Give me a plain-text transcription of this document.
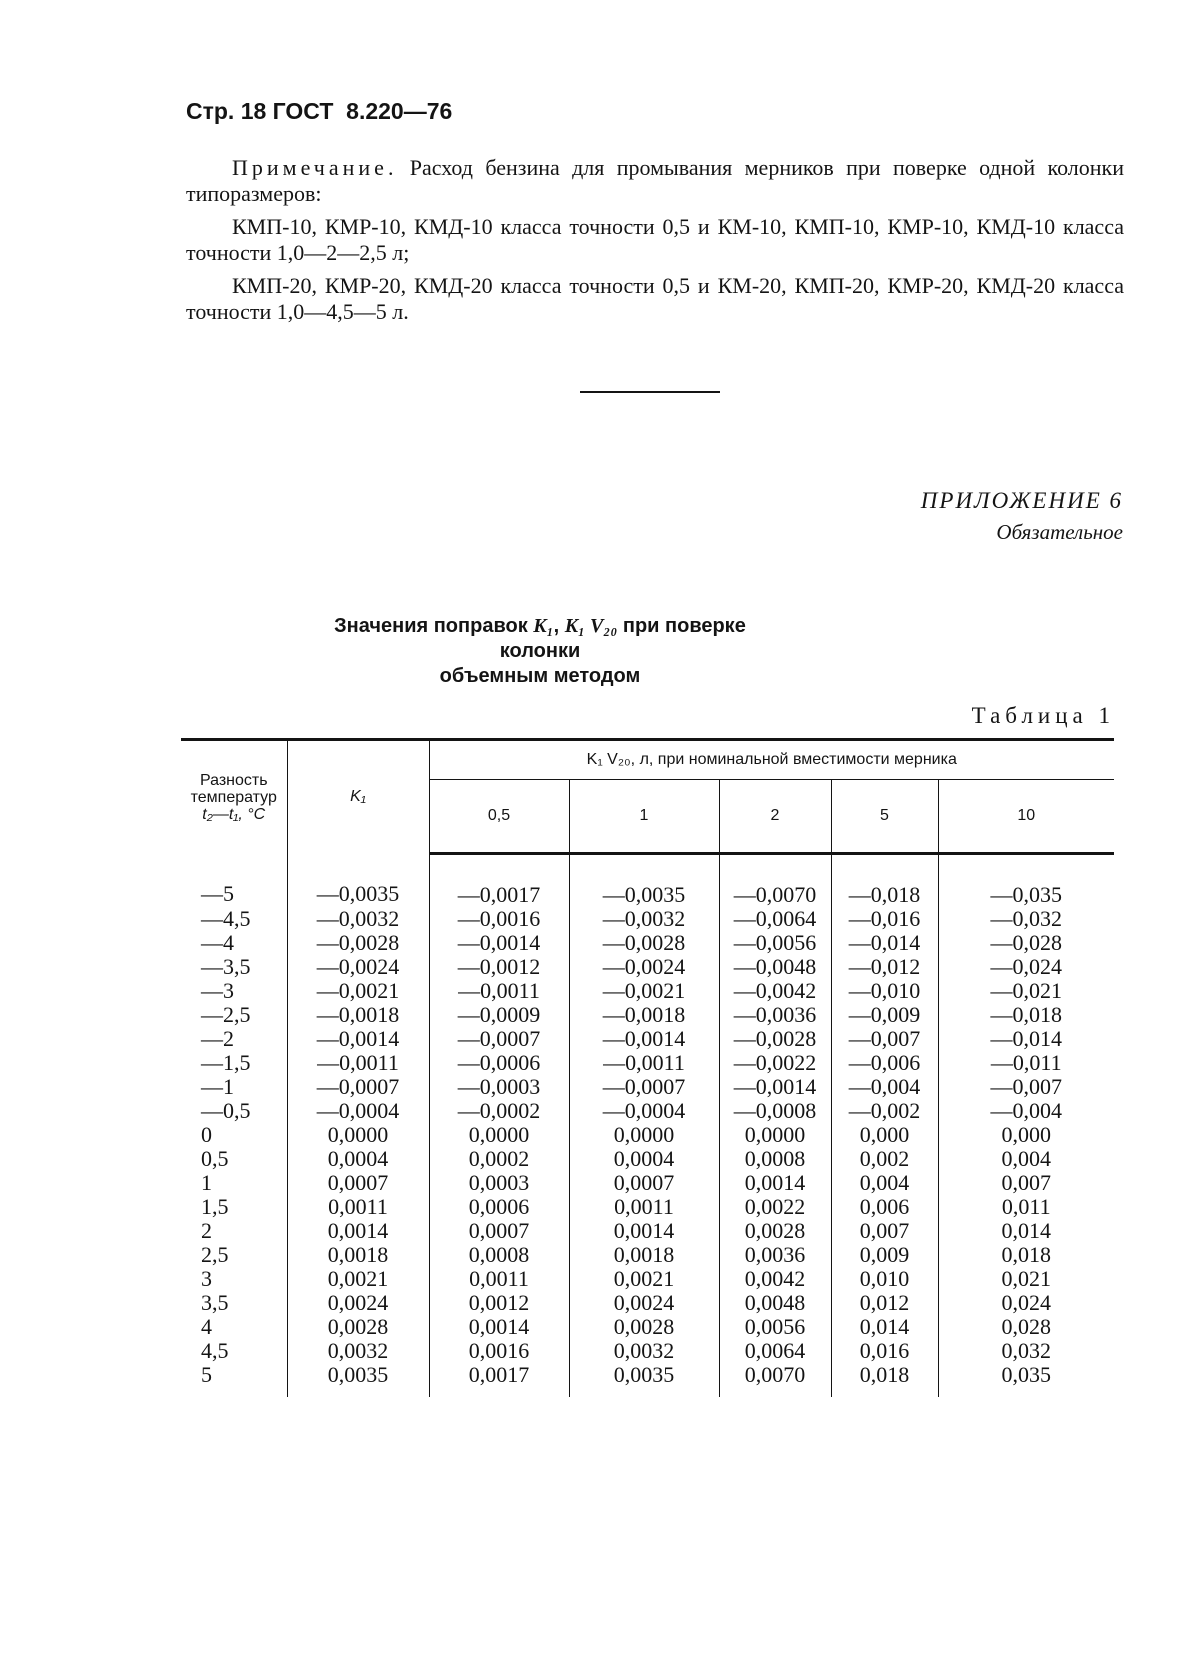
Стр. 18 ГОСТ  8.220—76

Примечание. Расход бензина для промывания мерников при поверке одной колонки типоразмеров:

КМП-10, КМР-10, КМД-10 класса точности 0,5 и КМ-10, КМП-10, КМР-10, КМД-10 класса точности 1,0—2—2,5 л;

КМП-20, КМР-20, КМД-20 класса точности 0,5 и КМ-20, КМП-20, КМР-20, КМД-20 класса точности 1,0—4,5—5 л.

ПРИЛОЖЕНИЕ 6
Обязательное
Значения поправок K₁, K₁ V₂₀ при поверке колонки
объемным методом
Таблица 1
Разность
температур
t₂—t₁, °С	K₁	K₁ V₂₀, л, при номинальной вместимости мерника				
		0,5	1	2	5	10
—5	—0,0035	—0,0017	—0,0035	—0,0070	—0,018	—0,035
—4,5	—0,0032	—0,0016	—0,0032	—0,0064	—0,016	—0,032
—4	—0,0028	—0,0014	—0,0028	—0,0056	—0,014	—0,028
—3,5	—0,0024	—0,0012	—0,0024	—0,0048	—0,012	—0,024
—3	—0,0021	—0,0011	—0,0021	—0,0042	—0,010	—0,021
—2,5	—0,0018	—0,0009	—0,0018	—0,0036	—0,009	—0,018
—2	—0,0014	—0,0007	—0,0014	—0,0028	—0,007	—0,014
—1,5	—0,0011	—0,0006	—0,0011	—0,0022	—0,006	—0,011
—1	—0,0007	—0,0003	—0,0007	—0,0014	—0,004	—0,007
—0,5	—0,0004	—0,0002	—0,0004	—0,0008	—0,002	—0,004
0	0,0000	0,0000	0,0000	0,0000	0,000	0,000
0,5	0,0004	0,0002	0,0004	0,0008	0,002	0,004
1	0,0007	0,0003	0,0007	0,0014	0,004	0,007
1,5	0,0011	0,0006	0,0011	0,0022	0,006	0,011
2	0,0014	0,0007	0,0014	0,0028	0,007	0,014
2,5	0,0018	0,0008	0,0018	0,0036	0,009	0,018
3	0,0021	0,0011	0,0021	0,0042	0,010	0,021
3,5	0,0024	0,0012	0,0024	0,0048	0,012	0,024
4	0,0028	0,0014	0,0028	0,0056	0,014	0,028
4,5	0,0032	0,0016	0,0032	0,0064	0,016	0,032
5	0,0035	0,0017	0,0035	0,0070	0,018	0,035
